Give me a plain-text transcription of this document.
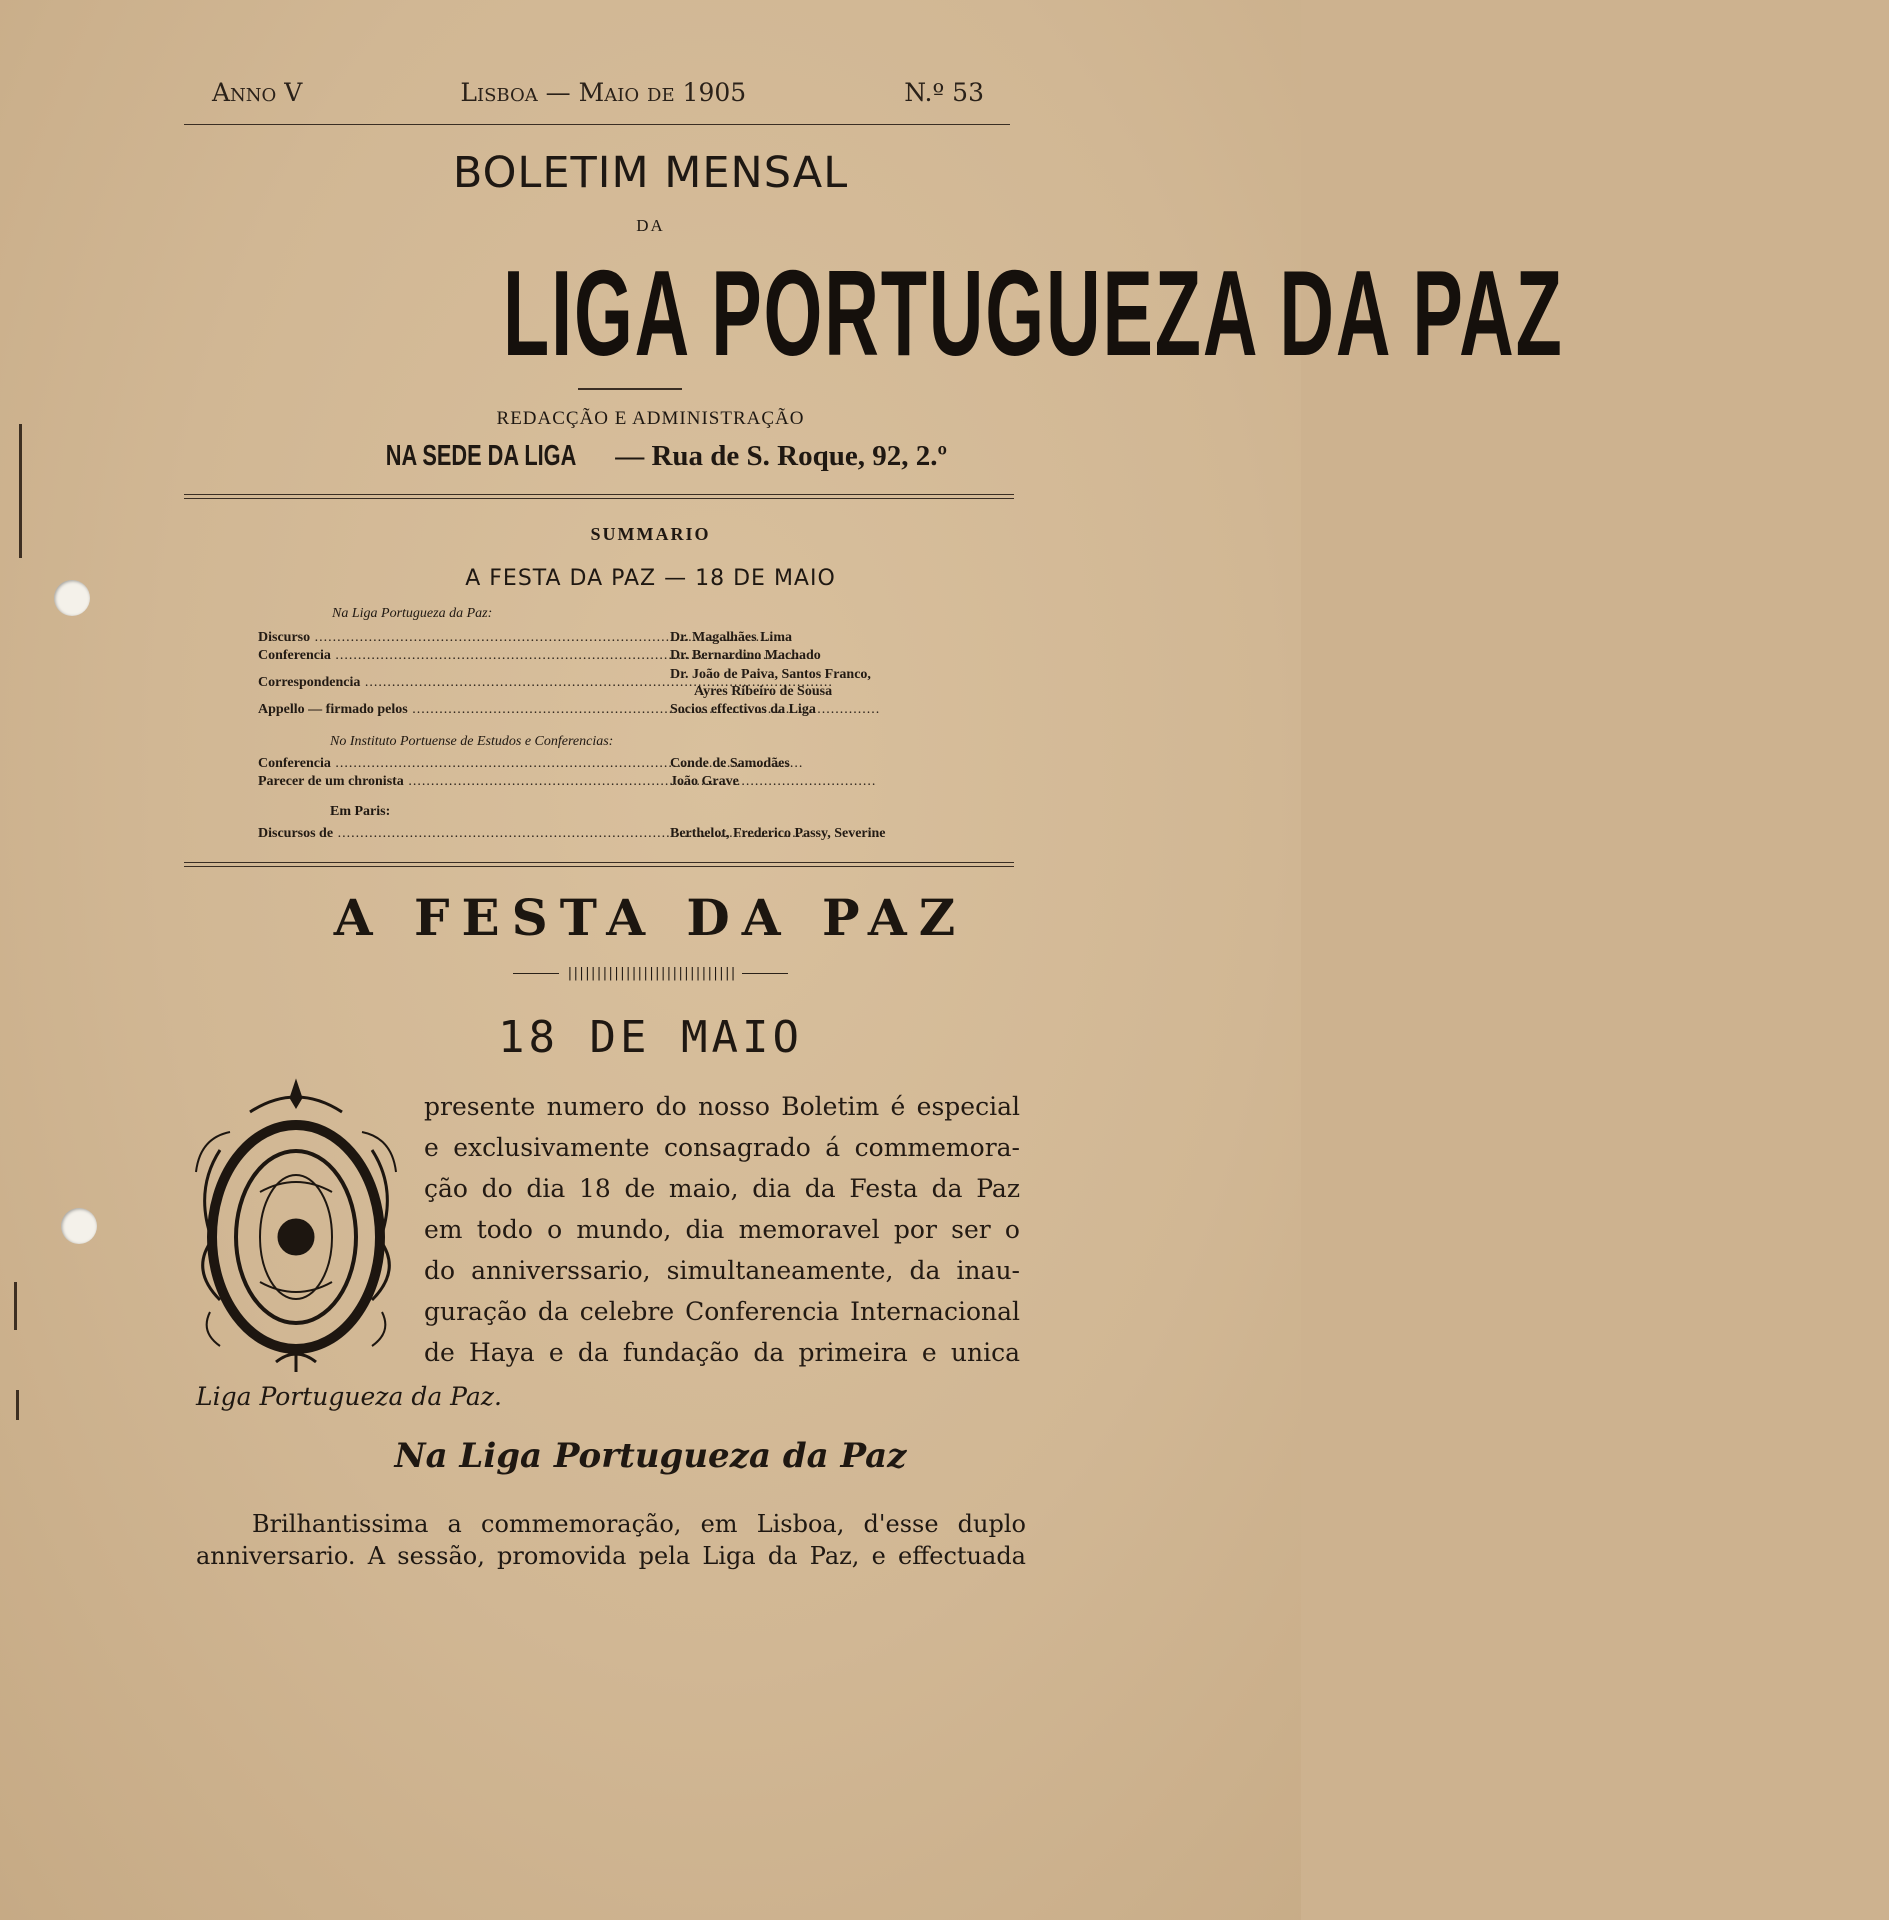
Anno V	Lisboa — Maio de 1905	N.º 53
BOLETIM MENSAL
DA
LIGA PORTUGUEZA DA PAZ
REDACÇÃO E ADMINISTRAÇÃO
NA SEDE DA LIGA — Rua de S. Roque, 92, 2.º
SUMMARIO
A FESTA DA PAZ — 18 DE MAIO
Na Liga Portugueza da Paz:
Discurso .....	Dr. Magalhães Lima
Conferencia .....	Dr. Bernardino Machado
Correspondencia .....
Dr. João de Paiva, Santos Franco,
Ayres Ribeiro de Sousa
Appello — firmado pelos .....	Socios effectivos da Liga
No Instituto Portuense de Estudos e Conferencias:
Conferencia .....	Conde de Samodães
Parecer de um chronista .....	João Grave
Em Paris:
Discursos de .....	Berthelot, Frederico Passy, Severine
A FESTA DA PAZ
|||||||||||||||||||||||||||||
18 DE MAIO
presente numero do nosso Boletim é especial
e exclusivamente consagrado á commemora-
ção do dia 18 de maio, dia da Festa da Paz
em todo o mundo, dia memoravel por ser o
do anniverssario, simultaneamente, da inau-
guração da celebre Conferencia Internacional
de Haya e da fundação da primeira e unica
Liga Portugueza da Paz.
Na Liga Portugueza da Paz
Brilhantissima a commemoração, em Lisboa, d'esse duplo
anniversario. A sessão, promovida pela Liga da Paz, e effectuada
